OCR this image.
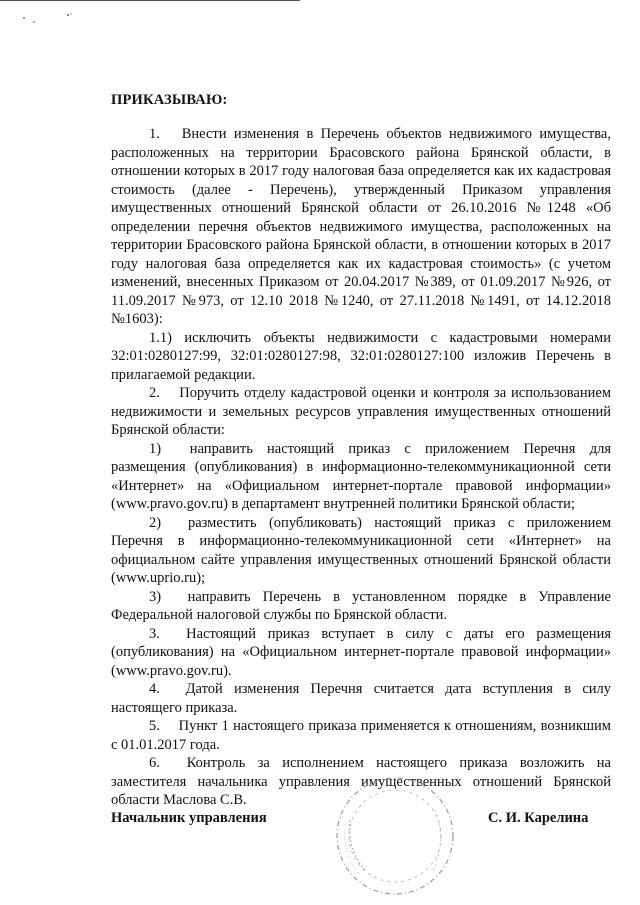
ПРИКАЗЫВАЮ:

1.  Внести изменения в Перечень объектов недвижимого имущества, расположенных на территории Брасовского района Брянской области, в отношении которых в 2017 году налоговая база определяется как их кадастровая стоимость (далее - Перечень), утвержденный Приказом управления имущественных отношений Брянской области от 26.10.2016 №1248 «Об определении перечня объектов недвижимого имущества, расположенных на территории Брасовского района Брянской области, в отношении которых в 2017 году налоговая база определяется как их кадастровая стоимость» (с учетом изменений, внесенных Приказом от 20.04.2017 №389, от 01.09.2017 №926, от 11.09.2017 №973, от 12.10 2018 №1240, от 27.11.2018 №1491, от 14.12.2018 №1603):

1.1) исключить объекты недвижимости с кадастровыми номерами 32:01:0280127:99, 32:01:0280127:98, 32:01:0280127:100 изложив Перечень в прилагаемой редакции.

2.  Поручить отделу кадастровой оценки и контроля за использованием недвижимости и земельных ресурсов управления имущественных отношений Брянской области:

1)  направить настоящий приказ с приложением Перечня для размещения (опубликования) в информационно-телекоммуникационной сети «Интернет» на «Официальном интернет-портале правовой информации» (www.pravo.gov.ru) в департамент внутренней политики Брянской области;

2)  разместить (опубликовать) настоящий приказ с приложением Перечня в информационно-телекоммуникационной сети «Интернет» на официальном сайте управления имущественных отношений Брянской области (www.uprio.ru);

3)  направить Перечень в установленном порядке в Управление Федеральной налоговой службы по Брянской области.

3.  Настоящий приказ вступает в силу с даты его размещения (опубликования) на «Официальном интернет-портале правовой информации» (www.pravo.gov.ru).

4.  Датой изменения Перечня считается дата вступления в силу настоящего приказа.

5.  Пункт 1 настоящего приказа применяется к отношениям, возникшим с 01.01.2017 года.

6.  Контроль за исполнением настоящего приказа возложить на заместителя начальника управления имущественных отношений Брянской области Маслова С.В.

Начальник управления	С. И. Карелина
